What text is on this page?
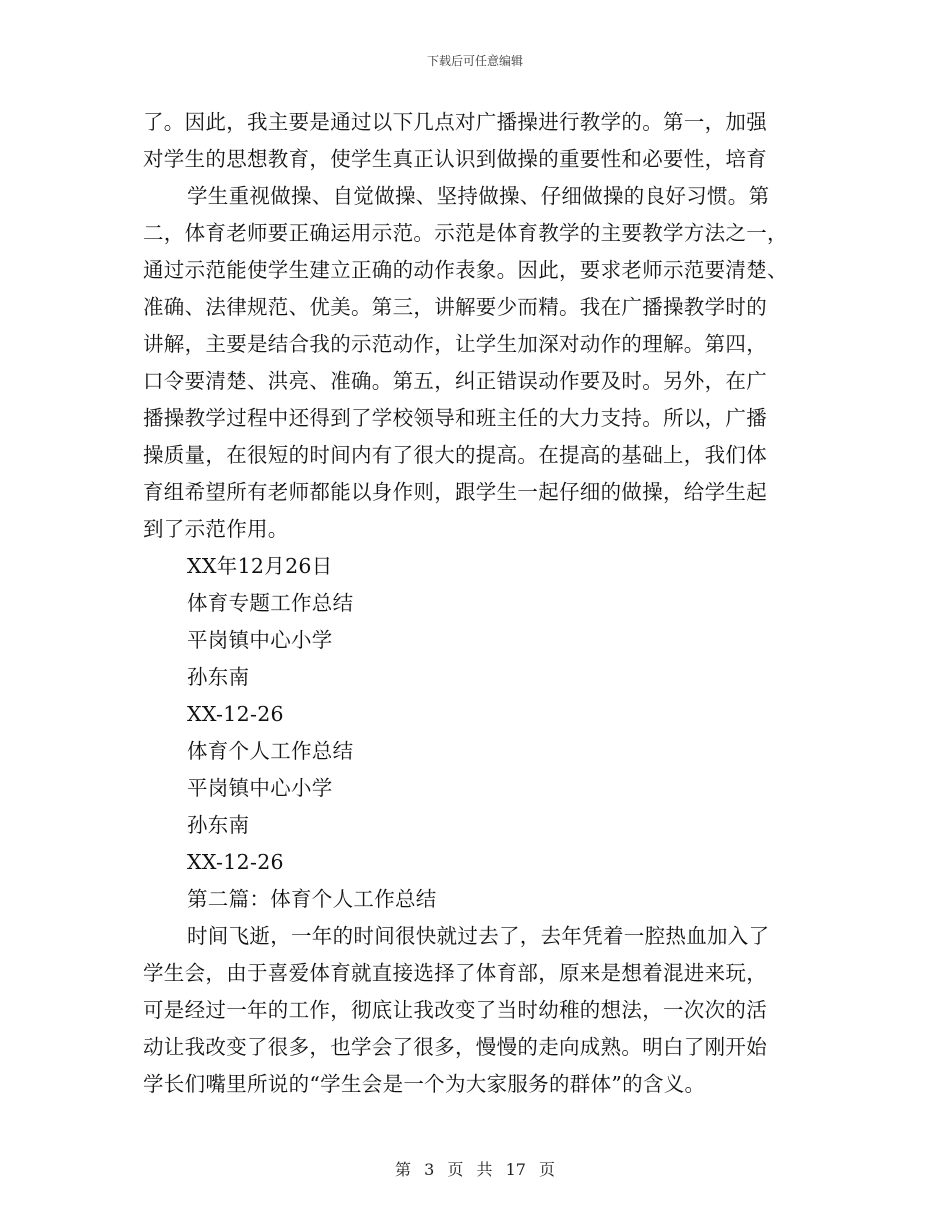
下载后可任意编辑
了。因此，我主要是通过以下几点对广播操进行教学的。第一，加强
对学生的思想教育，使学生真正认识到做操的重要性和必要性，培育
学生重视做操、自觉做操、坚持做操、仔细做操的良好习惯。第
二，体育老师要正确运用示范。示范是体育教学的主要教学方法之一，
通过示范能使学生建立正确的动作表象。因此，要求老师示范要清楚、
准确、法律规范、优美。第三，讲解要少而精。我在广播操教学时的
讲解，主要是结合我的示范动作，让学生加深对动作的理解。第四，
口令要清楚、洪亮、准确。第五，纠正错误动作要及时。另外，在广
播操教学过程中还得到了学校领导和班主任的大力支持。所以，广播
操质量，在很短的时间内有了很大的提高。在提高的基础上，我们体
育组希望所有老师都能以身作则，跟学生一起仔细的做操，给学生起
到了示范作用。
XX年12月26日
体育专题工作总结
平岗镇中心小学
孙东南
XX-12-26
体育个人工作总结
平岗镇中心小学
孙东南
XX-12-26
第二篇：体育个人工作总结
时间飞逝，一年的时间很快就过去了，去年凭着一腔热血加入了
学生会，由于喜爱体育就直接选择了体育部，原来是想着混进来玩，
可是经过一年的工作，彻底让我改变了当时幼稚的想法，一次次的活
动让我改变了很多，也学会了很多，慢慢的走向成熟。明白了刚开始
学长们嘴里所说的“学生会是一个为大家服务的群体”的含义。
第 3 页 共 17 页
